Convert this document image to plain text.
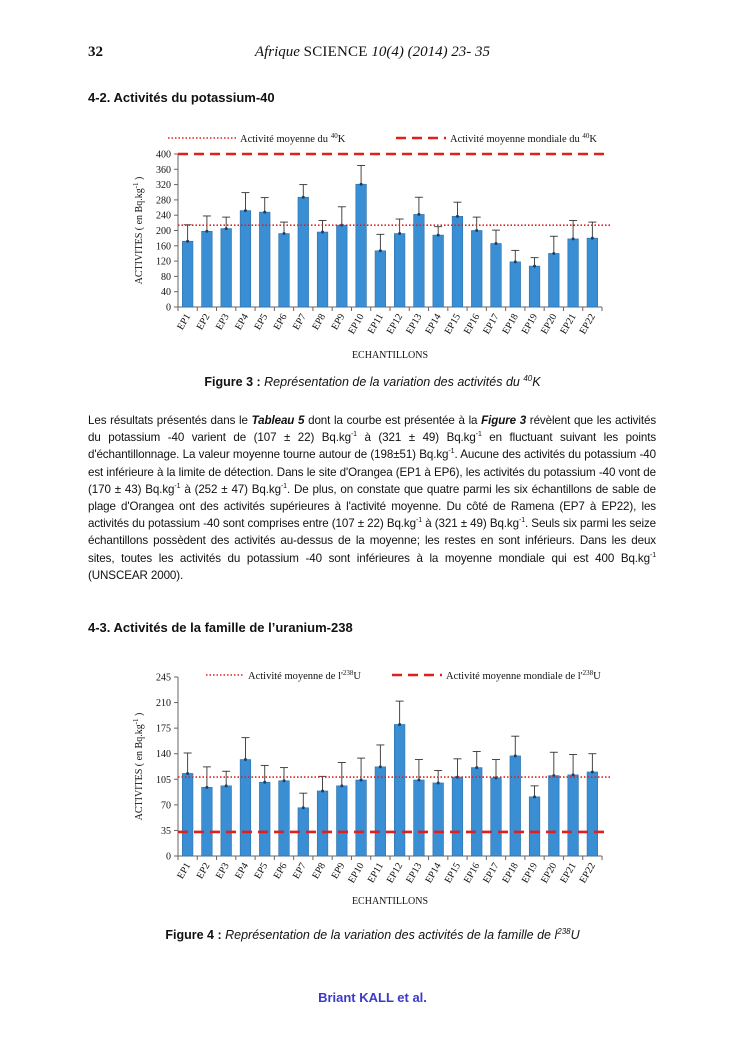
32	Afrique SCIENCE 10(4) (2014) 23- 35
4-2. Activités du potassium-40
Activité moyenne du $^{40}$K	Activité moyenne mondiale du $^{40}$K
0
40
80
120
160
200
240
280
320
360
400
ACTIVITES ( en $Bq.kg^{-1}$ )
EP1 EP2 EP3 EP4 EP5 EP6 EP7 EP8 EP9
EP10 EP11
EP12
EP13
EP14
EP15
EP16
EP17
EP18
EP19
EP20
EP21
EP22
ECHANTILLONS
Figure 3 : Représentation de la variation des activités du $^{40}$K
Les résultats présentés dans le Tableau 5 dont la courbe est présentée à la Figure 3 révèlent que les activités du potassium -40 varient de (107 ± 22) $Bq.kg^{-1}$ à (321 ± 49) $Bq.kg^{-1}$ en fluctuant suivant les points d'échantillonnage. La valeur moyenne tourne autour de (198±51) $Bq.kg^{-1}$. Aucune des activités du potassium -40 est inférieure à la limite de détection. Dans le site d'Orangea (EP1 à EP6), les activités du potassium -40 vont de (170 ± 43) $Bq.kg^{-1}$ à (252 ± 47) $Bq.kg^{-1}$. De plus, on constate que quatre parmi les six échantillons de sable de plage d'Orangea ont des activités supérieures à l'activité moyenne. Du côté de Ramena (EP7 à EP22), les activités du potassium -40 sont comprises entre (107 ± 22) $Bq.kg^{-1}$ à (321 ± 49) $Bq.kg^{-1}$. Seuls six parmi les seize échantillons possèdent des activités au-dessus de la moyenne; les restes en sont inférieurs. Dans les deux sites, toutes les activités du potassium -40 sont inférieures à la moyenne mondiale qui est 400 $Bq.kg^{-1}$ (UNSCEAR 2000).
4-3. Activités de la famille de l’uranium-238
Activité moyenne de $l'^{238}U$	Activité moyenne mondiale de $l'^{238}U$
0
35
70
105
140
175
210
245
ACTIVITES ( en $Bq.kg^{-1}$ )
EP1 EP2 EP3 EP4 EP5 EP6 EP7 EP8 EP9
EP10 EP11
EP12
EP13
EP14
EP15
EP16
EP17
EP18
EP19
EP20
EP21
EP22
ECHANTILLONS
Figure 4 : Représentation de la variation des activités de la famille de $l^{238}U$
Briant KALL et al.
